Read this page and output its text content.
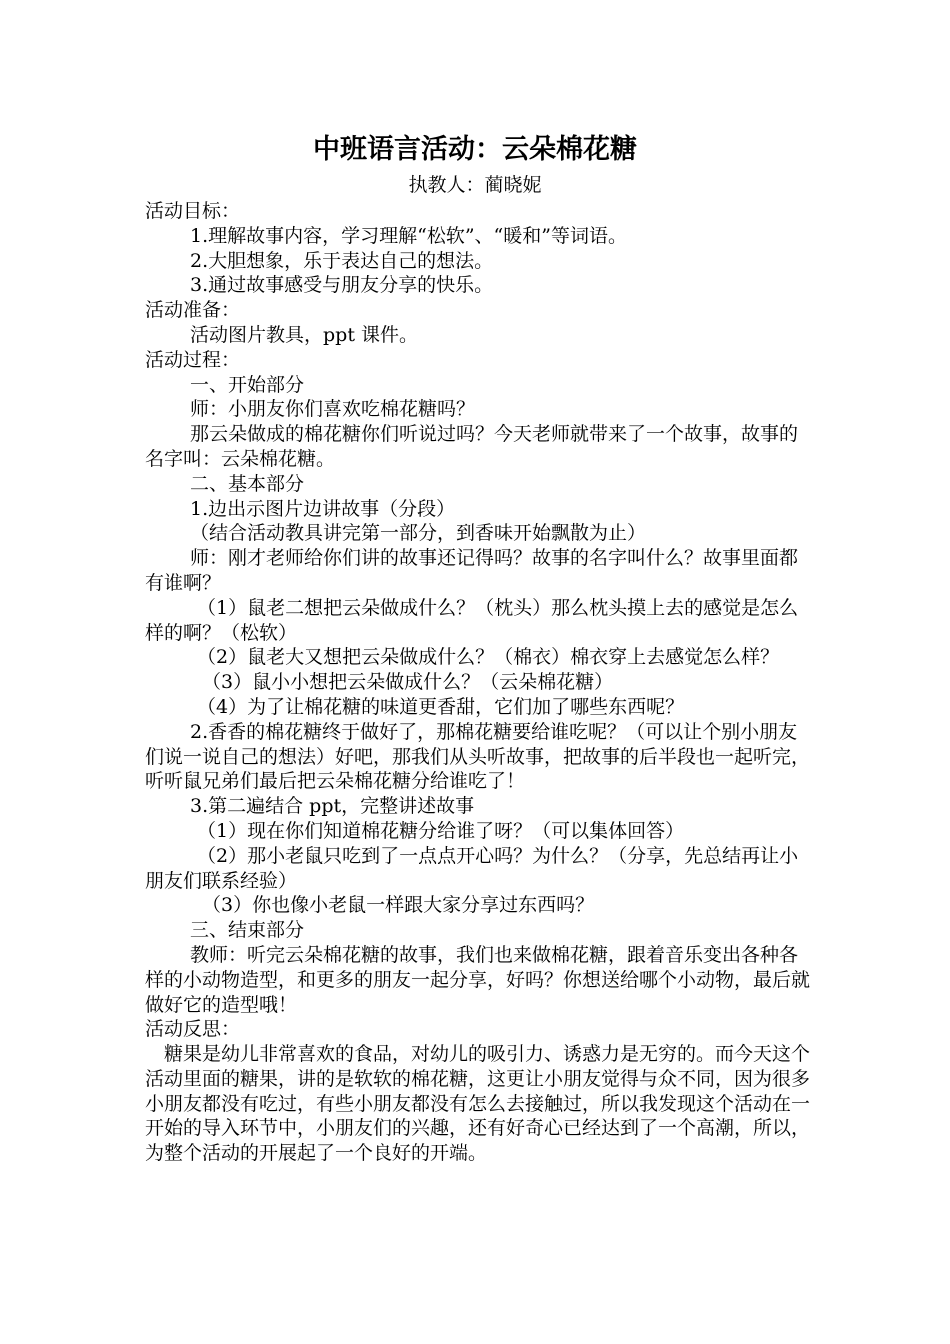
中班语言活动：云朵棉花糖
执教人：蔺晓妮

活动目标：

1.理解故事内容，学习理解“松软”、“暖和”等词语。

2.大胆想象，乐于表达自己的想法。

3.通过故事感受与朋友分享的快乐。

活动准备：

活动图片教具，ppt 课件。

活动过程：

一、开始部分

师：小朋友你们喜欢吃棉花糖吗？

那云朵做成的棉花糖你们听说过吗？今天老师就带来了一个故事，故事的名字叫：云朵棉花糖。

二、基本部分

1.边出示图片边讲故事（分段）

（结合活动教具讲完第一部分，到香味开始飘散为止）

师：刚才老师给你们讲的故事还记得吗？故事的名字叫什么？故事里面都有谁啊？

（1）鼠老二想把云朵做成什么？（枕头）那么枕头摸上去的感觉是怎么样的啊？（松软）

（2）鼠老大又想把云朵做成什么？（棉衣）棉衣穿上去感觉怎么样？

（3）鼠小小想把云朵做成什么？（云朵棉花糖）

（4）为了让棉花糖的味道更香甜，它们加了哪些东西呢？

2.香香的棉花糖终于做好了，那棉花糖要给谁吃呢？（可以让个别小朋友们说一说自己的想法）好吧，那我们从头听故事，把故事的后半段也一起听完，听听鼠兄弟们最后把云朵棉花糖分给谁吃了！

3.第二遍结合 ppt，完整讲述故事

（1）现在你们知道棉花糖分给谁了呀？（可以集体回答）

（2）那小老鼠只吃到了一点点开心吗？为什么？（分享，先总结再让小朋友们联系经验）

（3）你也像小老鼠一样跟大家分享过东西吗？

三、结束部分

教师：听完云朵棉花糖的故事，我们也来做棉花糖，跟着音乐变出各种各样的小动物造型，和更多的朋友一起分享，好吗？你想送给哪个小动物，最后就做好它的造型哦！

活动反思：

糖果是幼儿非常喜欢的食品，对幼儿的吸引力、诱惑力是无穷的。而今天这个活动里面的糖果，讲的是软软的棉花糖，这更让小朋友觉得与众不同，因为很多小朋友都没有吃过，有些小朋友都没有怎么去接触过，所以我发现这个活动在一开始的导入环节中，小朋友们的兴趣，还有好奇心已经达到了一个高潮，所以，为整个活动的开展起了一个良好的开端。
